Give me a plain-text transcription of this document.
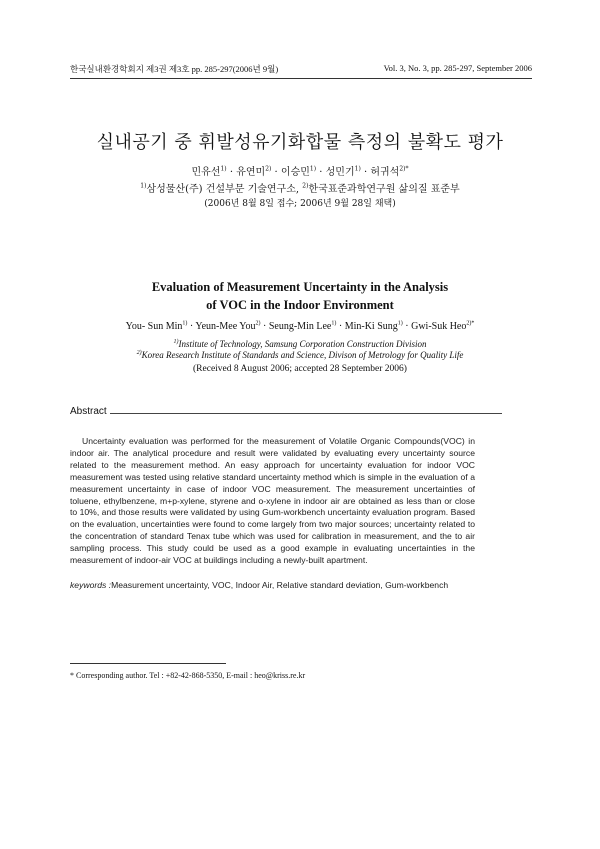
한국실내환경학회지 제3권 제3호 pp. 285-297(2006년 9월)	Vol. 3, No. 3, pp. 285-297, September 2006
실내공기 중 휘발성유기화합물 측정의 불확도 평가
민유선$^{1)}$ · 유연미$^{2)}$ · 이승민$^{1)}$ · 성민기$^{1)}$ · 허귀석$^{2)*}$
$^{1)}$삼성물산(주) 건설부문 기술연구소, $^{2)}$한국표준과학연구원 삶의질 표준부
(2006년 8월 8일 접수; 2006년 9월 28일 채택)
Evaluation of Measurement Uncertainty in the Analysis
of VOC in the Indoor Environment
You- Sun Min$^{1)}$ · Yeun-Mee You$^{2)}$ · Seung-Min Lee$^{1)}$ · Min-Ki Sung$^{1)}$ · Gwi-Suk Heo$^{2)*}$
$^{1)}$Institute of Technology, Samsung Corporation Construction Division
$^{2)}$Korea Research Institute of Standards and Science, Divison of Metrology for Quality Life
(Received 8 August 2006; accepted 28 September 2006)
Abstract
Uncertainty evaluation was performed for the measurement of Volatile Organic Compounds(VOC) in indoor air. The analytical procedure and result were validated by evaluating every uncertainty source related to the measurement method. An easy approach for uncertainty evaluation for indoor VOC measurement was tested using relative standard uncertainty method which is simple in the evaluation of a measurement uncertainty in case of indoor VOC measurement. The measurement uncertainties of toluene, ethylbenzene, m+p-xylene, styrene and o-xylene in indoor air are obtained as less than or close to 10%, and those results were validated by using Gum-workbench uncertainty evaluation program. Based on the evaluation, uncertainties were found to come largely from two major sources; uncertainty related to the concentration of standard Tenax tube which was used for calibration in measurement, and the to air sampling process. This study could be used as a good example in evaluating uncertainties in the measurement of indoor-air VOC at buildings including a newly-built apartment.
keywords :Measurement uncertainty, VOC, Indoor Air, Relative standard deviation, Gum-workbench
* Corresponding author. Tel : +82-42-868-5350, E-mail : heo@kriss.re.kr
